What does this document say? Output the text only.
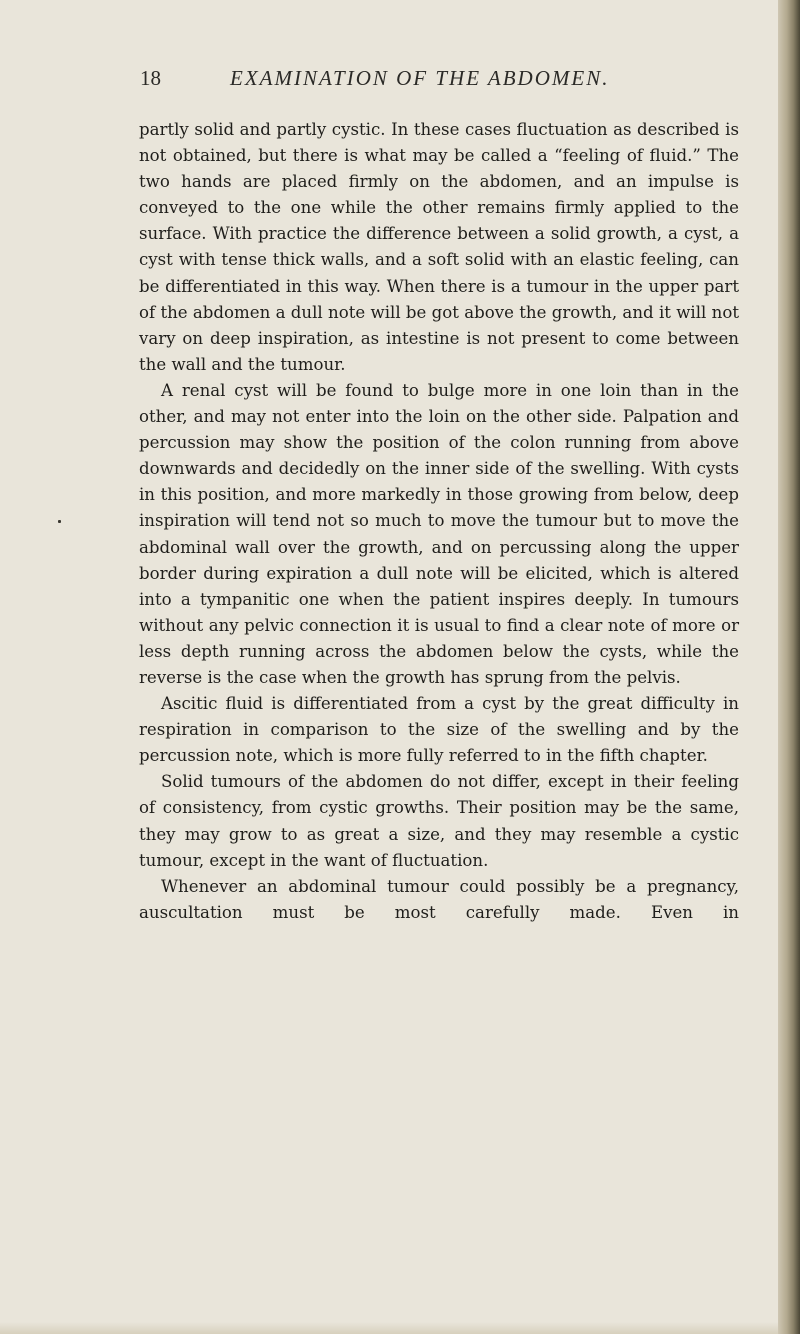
18	EXAMINATION OF THE ABDOMEN.

partly solid and partly cystic. In these cases fluctuation as described is not obtained, but there is what may be called a “feeling of fluid.” The two hands are placed firmly on the abdomen, and an impulse is conveyed to the one while the other remains firmly applied to the surface. With practice the difference between a solid growth, a cyst, a cyst with tense thick walls, and a soft solid with an elastic feeling, can be differentiated in this way. When there is a tumour in the upper part of the abdomen a dull note will be got above the growth, and it will not vary on deep inspiration, as intestine is not present to come between the wall and the tumour.

A renal cyst will be found to bulge more in one loin than in the other, and may not enter into the loin on the other side. Palpation and percussion may show the position of the colon running from above downwards and decidedly on the inner side of the swelling. With cysts in this position, and more markedly in those growing from below, deep inspiration will tend not so much to move the tumour but to move the abdominal wall over the growth, and on percussing along the upper border during expiration a dull note will be elicited, which is altered into a tympanitic one when the patient inspires deeply. In tumours without any pelvic connection it is usual to find a clear note of more or less depth running across the abdomen below the cysts, while the reverse is the case when the growth has sprung from the pelvis.

Ascitic fluid is differentiated from a cyst by the great difficulty in respiration in comparison to the size of the swelling and by the percussion note, which is more fully referred to in the fifth chapter.

Solid tumours of the abdomen do not differ, except in their feeling of consistency, from cystic growths. Their position may be the same, they may grow to as great a size, and they may resemble a cystic tumour, except in the want of fluctuation.

Whenever an abdominal tumour could possibly be a pregnancy, auscultation must be most carefully made. Even in
